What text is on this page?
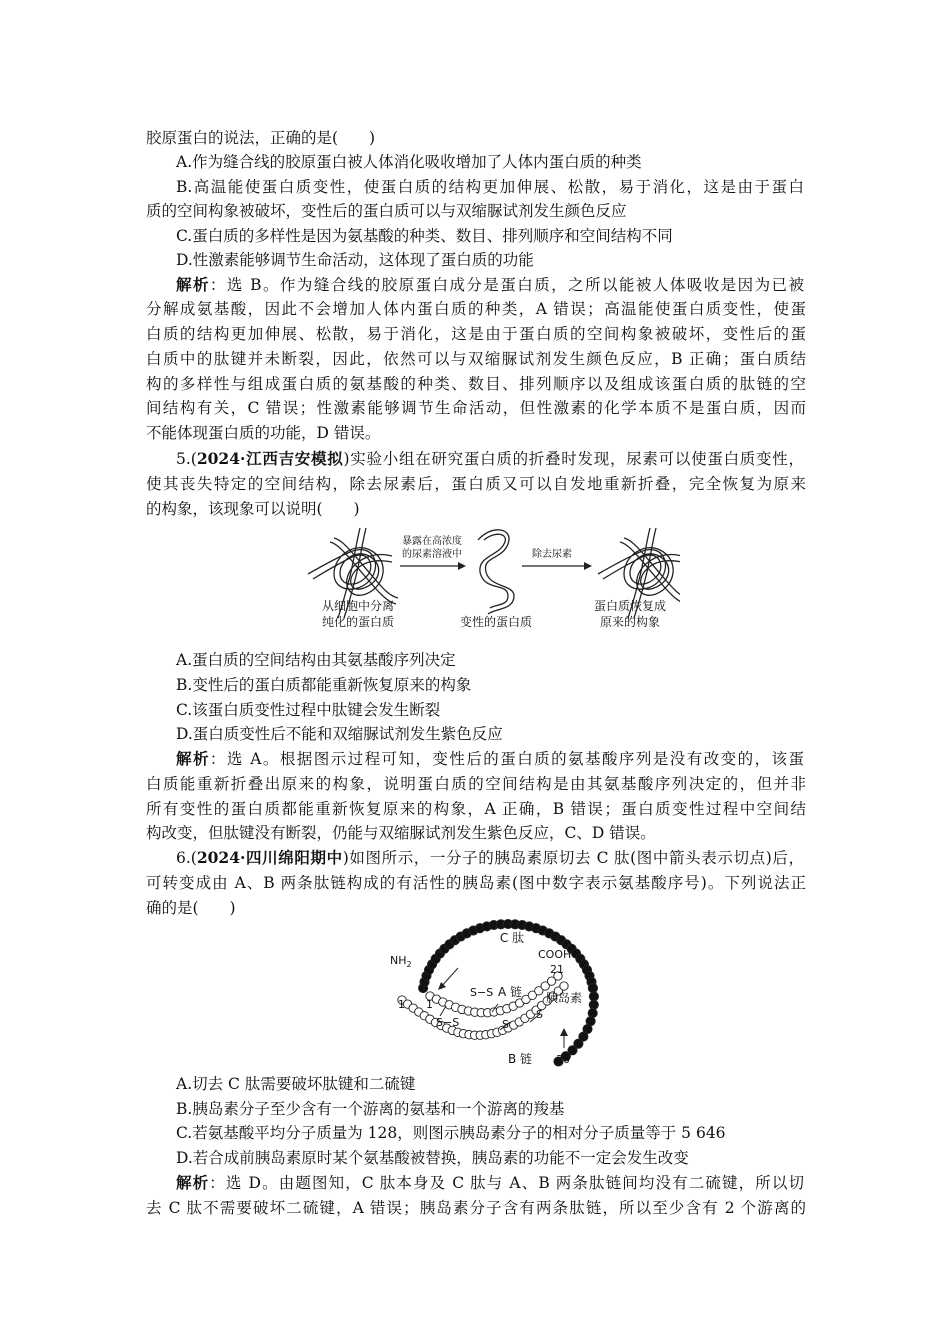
胶原蛋白的说法，正确的是(　　)
A.作为缝合线的胶原蛋白被人体消化吸收增加了人体内蛋白质的种类
B.高温能使蛋白质变性，使蛋白质的结构更加伸展、松散，易于消化，这是由于蛋白
质的空间构象被破坏，变性后的蛋白质可以与双缩脲试剂发生颜色反应
C.蛋白质的多样性是因为氨基酸的种类、数目、排列顺序和空间结构不同
D.性激素能够调节生命活动，这体现了蛋白质的功能
解析：选 B。作为缝合线的胶原蛋白成分是蛋白质，之所以能被人体吸收是因为已被
分解成氨基酸，因此不会增加人体内蛋白质的种类，A 错误；高温能使蛋白质变性，使蛋
白质的结构更加伸展、松散，易于消化，这是由于蛋白质的空间构象被破坏，变性后的蛋
白质中的肽键并未断裂，因此，依然可以与双缩脲试剂发生颜色反应，B 正确；蛋白质结
构的多样性与组成蛋白质的氨基酸的种类、数目、排列顺序以及组成该蛋白质的肽链的空
间结构有关，C 错误；性激素能够调节生命活动，但性激素的化学本质不是蛋白质，因而
不能体现蛋白质的功能，D 错误。
5.(2024·江西吉安模拟)实验小组在研究蛋白质的折叠时发现，尿素可以使蛋白质变性，
使其丧失特定的空间结构，除去尿素后，蛋白质又可以自发地重新折叠，完全恢复为原来
的构象，该现象可以说明(　　)
暴露在高浓度
的尿素溶液中	除去尿素
从细胞中分离
纯化的蛋白质	变性的蛋白质
蛋白质恢复成
原来的构象
A.蛋白质的空间结构由其氨基酸序列决定
B.变性后的蛋白质都能重新恢复原来的构象
C.该蛋白质变性过程中肽键会发生断裂
D.蛋白质变性后不能和双缩脲试剂发生紫色反应
解析：选 A。根据图示过程可知，变性后的蛋白质的氨基酸序列是没有改变的，该蛋
白质能重新折叠出原来的构象，说明蛋白质的空间结构是由其氨基酸序列决定的，但并非
所有变性的蛋白质都能重新恢复原来的构象，A 正确，B 错误；蛋白质变性过程中空间结
构改变，但肽键没有断裂，仍能与双缩脲试剂发生紫色反应，C、D 错误。
6.(2024·四川绵阳期中)如图所示，一分子的胰岛素原切去 C 肽(图中箭头表示切点)后，
可转变成由 A、B 两条肽链构成的有活性的胰岛素(图中数字表示氨基酸序号)。下列说法正
确的是(　　)
C 肽
$NH_2$
COOH
21
1 1
S−S
S−S	S
S
A 链 胰岛素
B 链 30
A.切去 C 肽需要破坏肽键和二硫键
B.胰岛素分子至少含有一个游离的氨基和一个游离的羧基
C.若氨基酸平均分子质量为 128，则图示胰岛素分子的相对分子质量等于 5 646
D.若合成前胰岛素原时某个氨基酸被替换，胰岛素的功能不一定会发生改变
解析：选 D。由题图知，C 肽本身及 C 肽与 A、B 两条肽链间均没有二硫键，所以切
去 C 肽不需要破坏二硫键，A 错误；胰岛素分子含有两条肽链，所以至少含有 2 个游离的
